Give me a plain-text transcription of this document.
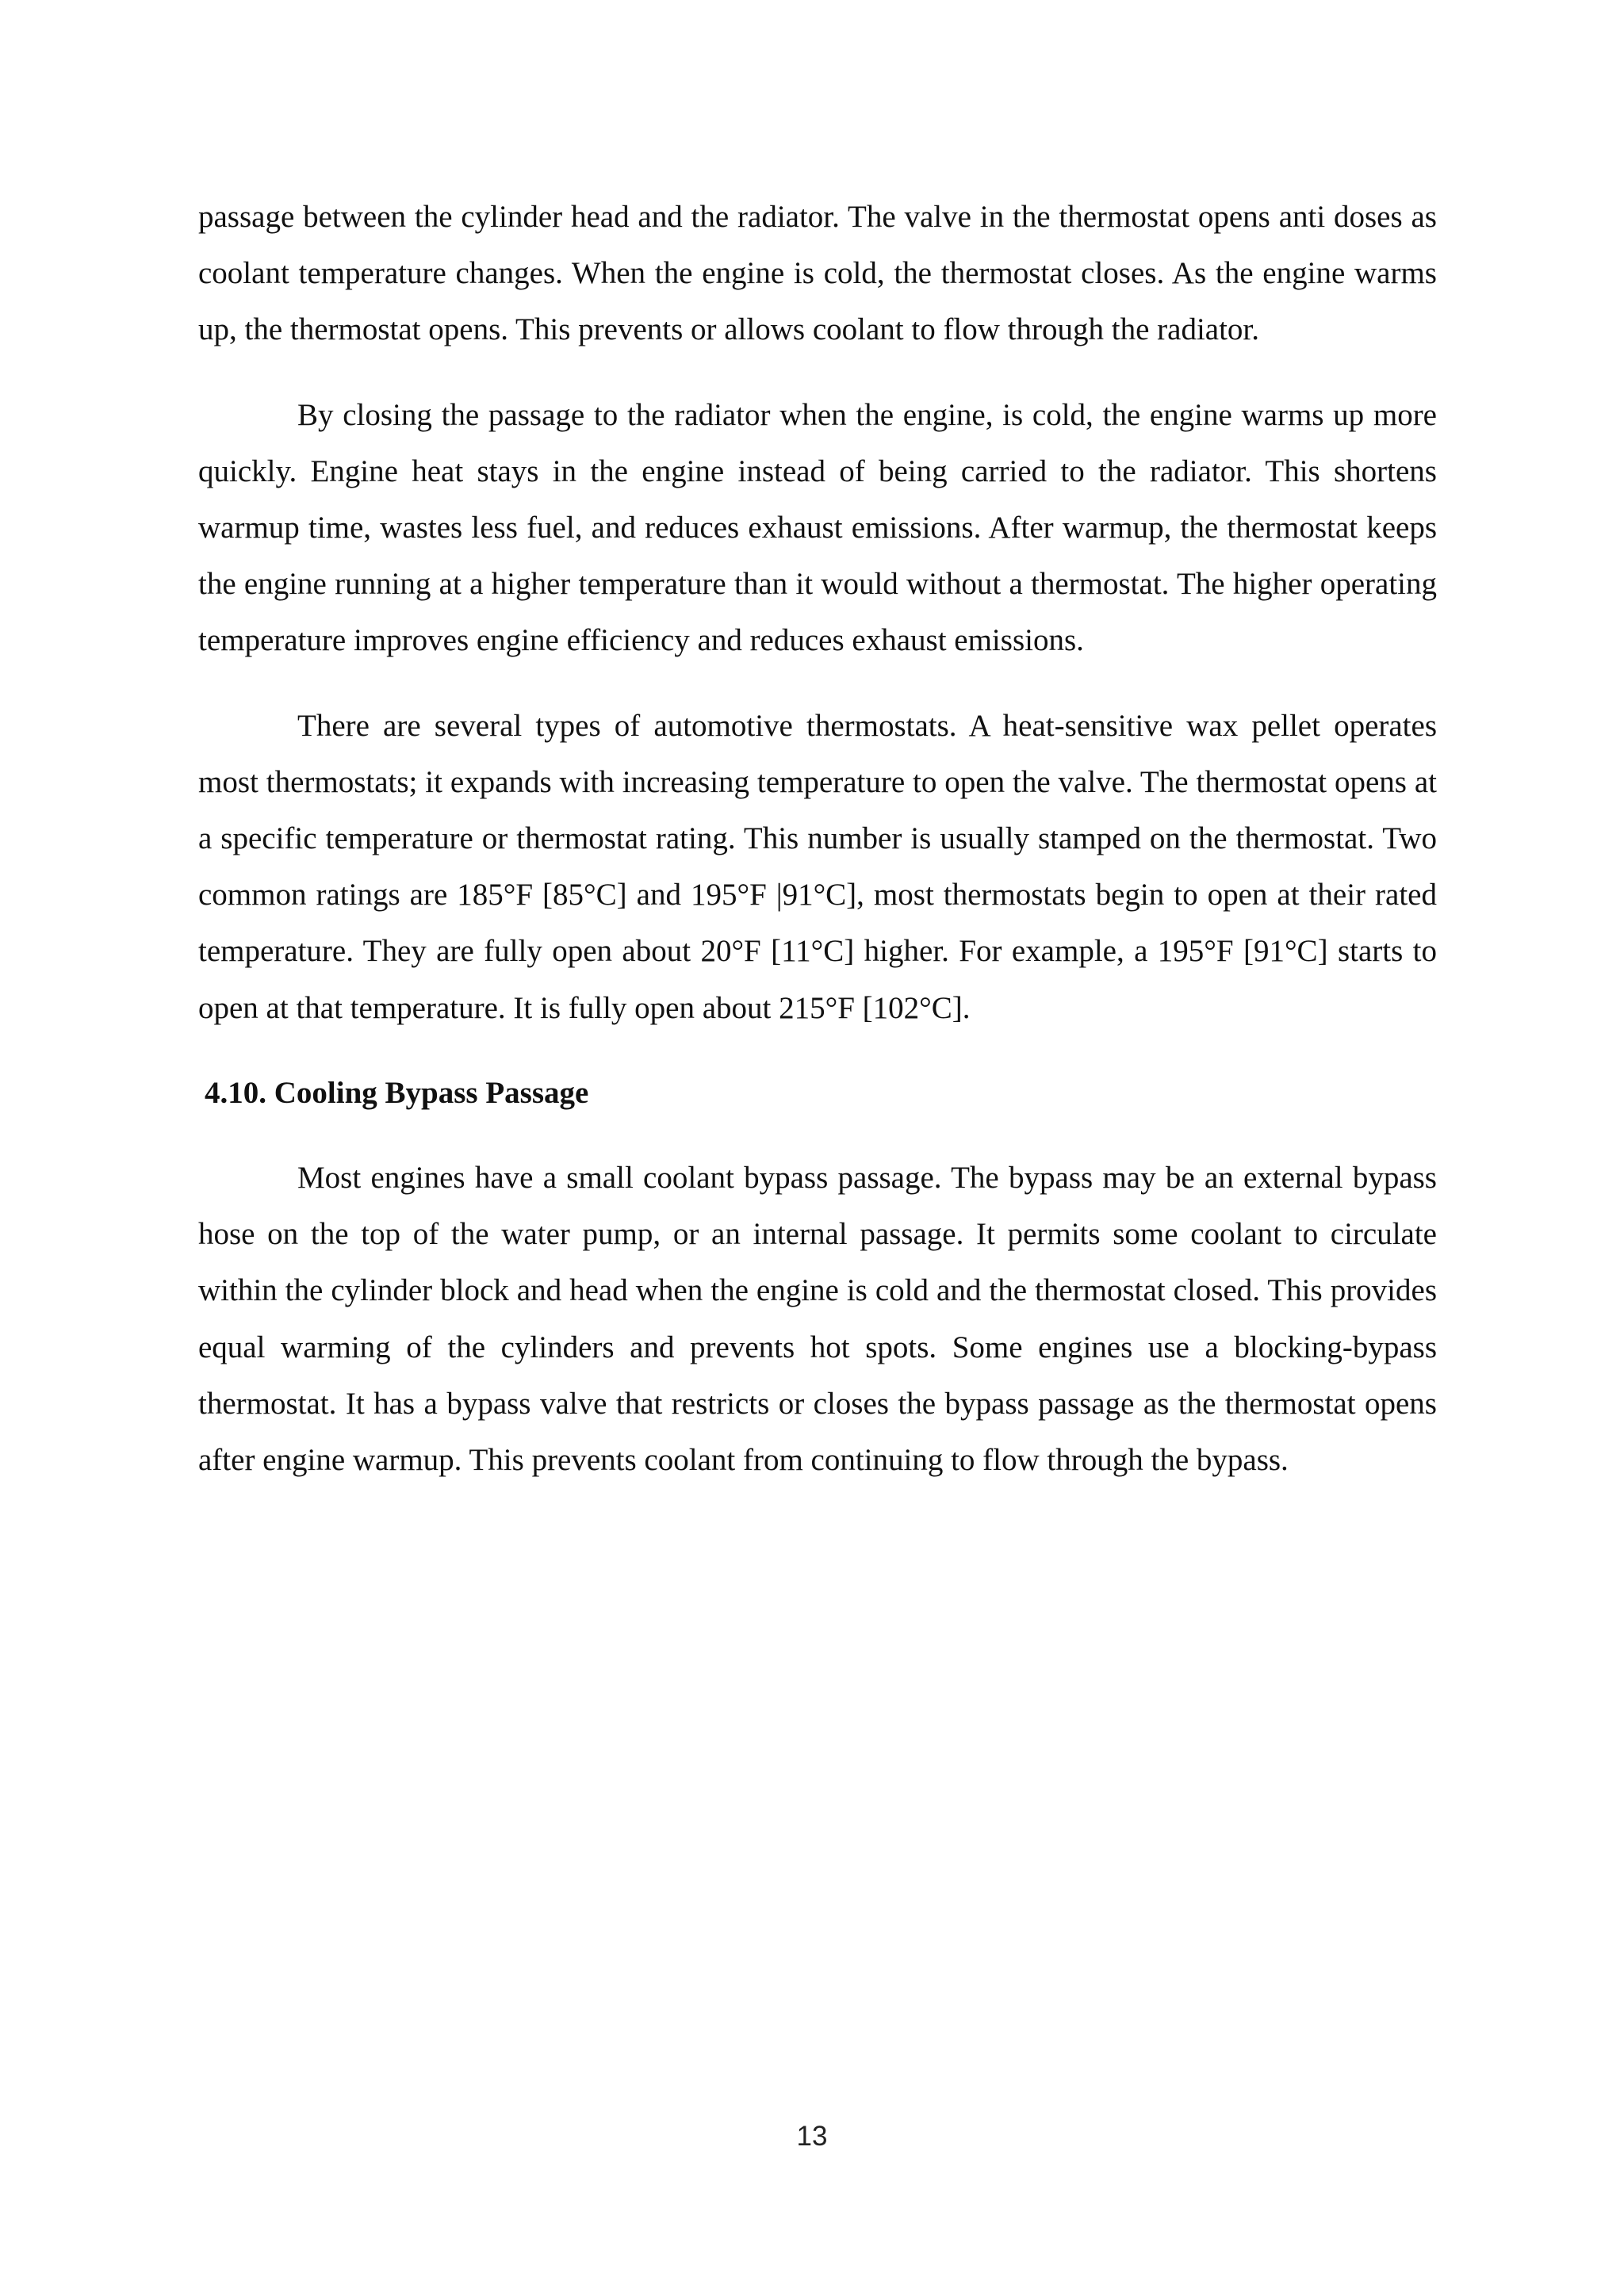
passage between the cylinder head and the radiator. The valve in the thermostat opens anti doses as coolant temperature changes. When the engine is cold, the thermostat closes. As the engine warms up, the thermostat opens. This prevents or allows coolant to flow through the radiator.

By closing the passage to the radiator when the engine, is cold, the engine warms up more quickly. Engine heat stays in the engine instead of being carried to the radiator. This shortens warmup time, wastes less fuel, and reduces exhaust emissions. After warmup, the thermostat keeps the engine running at a higher temperature than it would without a thermostat. The higher operating temperature improves engine efficiency and reduces exhaust emissions.

There are several types of automotive thermostats. A heat-sensitive wax pellet operates most thermostats; it expands with increasing temperature to open the valve. The thermostat opens at a specific temperature or thermostat rating. This number is usually stamped on the thermostat. Two common ratings are 185°F [85°C] and 195°F |91°C], most thermostats begin to open at their rated temperature. They are fully open about 20°F [11°C] higher. For example, a 195°F [91°C] starts to open at that temperature. It is fully open about 215°F [102°C].

4.10. Cooling Bypass Passage

Most engines have a small coolant bypass passage. The bypass may be an external bypass hose on the top of the water pump, or an internal passage. It permits some coolant to circulate within the cylinder block and head when the engine is cold and the thermostat closed. This provides equal warming of the cylinders and prevents hot spots. Some engines use a blocking-bypass thermostat. It has a bypass valve that restricts or closes the bypass passage as the thermostat opens after engine warmup. This prevents coolant from continuing to flow through the bypass.

13
